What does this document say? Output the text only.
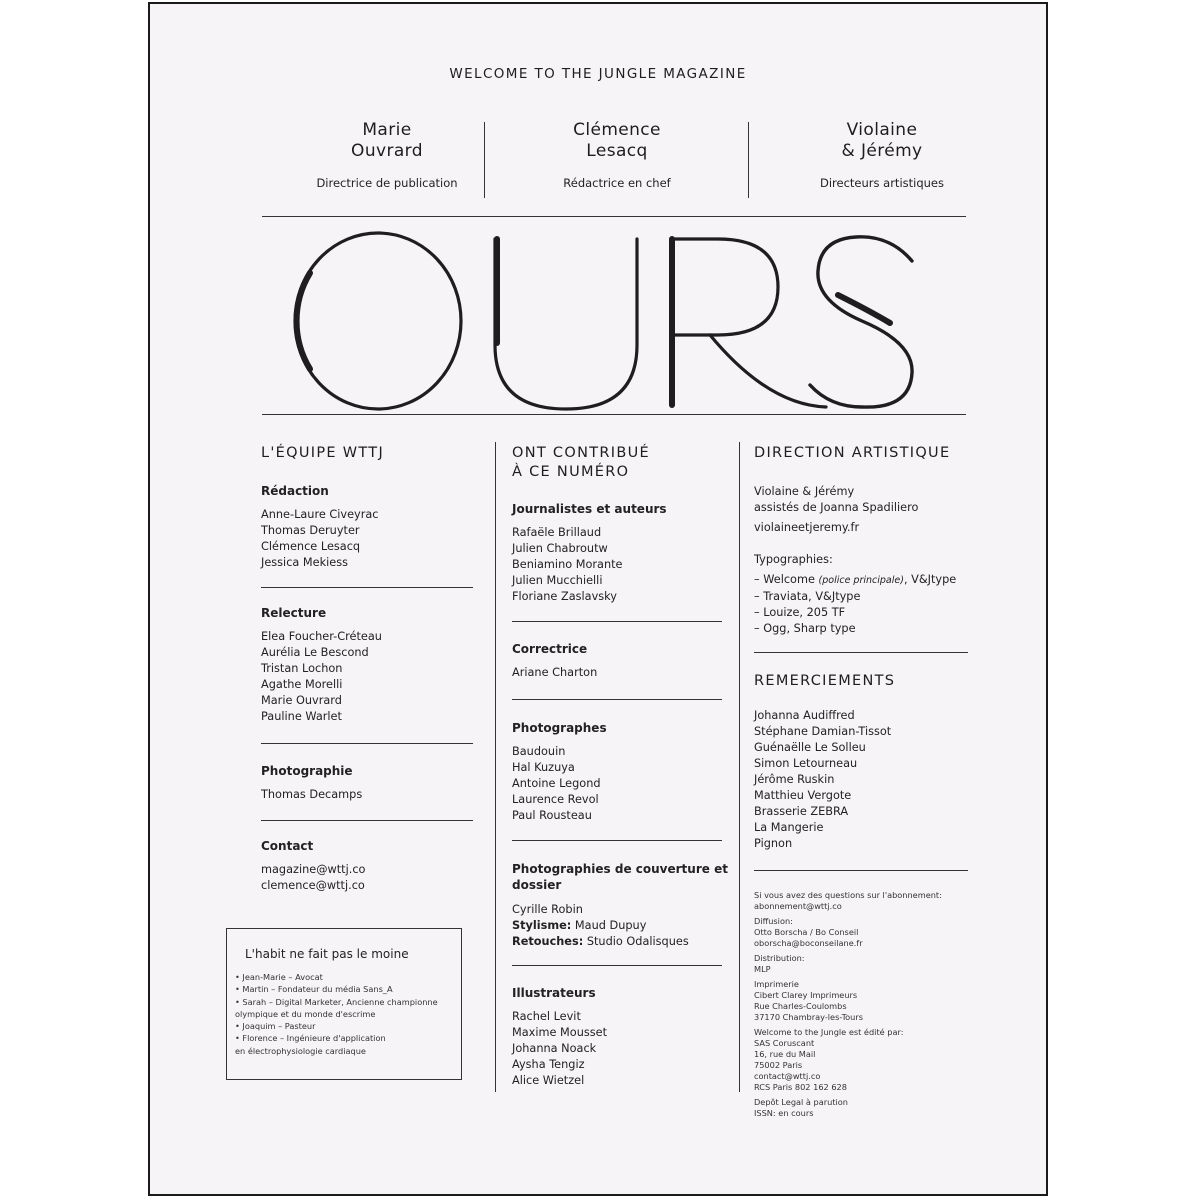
WELCOME TO THE JUNGLE MAGAZINE
Marie
Ouvrard
Directrice de publication
Clémence
Lesacq
Rédactrice en chef
Violaine
& Jérémy
Directeurs artistiques
L'ÉQUIPE WTTJ
Rédaction
Anne-Laure Civeyrac
Thomas Deruyter
Clémence Lesacq
Jessica Mekiess
Relecture
Elea Foucher-Créteau
Aurélia Le Bescond
Tristan Lochon
Agathe Morelli
Marie Ouvrard
Pauline Warlet
Photographie
Thomas Decamps
Contact
magazine@wttj.co
clemence@wttj.co
L'habit ne fait pas le moine
• Jean-Marie – Avocat
• Martin – Fondateur du média Sans_A
• Sarah – Digital Marketer, Ancienne championne
olympique et du monde d'escrime
• Joaquim – Pasteur
• Florence – Ingénieure d'application
en électrophysiologie cardiaque
ONT CONTRIBUÉ
À CE NUMÉRO
Journalistes et auteurs
Rafaële Brillaud
Julien Chabroutw
Beniamino Morante
Julien Mucchielli
Floriane Zaslavsky
Correctrice
Ariane Charton
Photographes
Baudouin
Hal Kuzuya
Antoine Legond
Laurence Revol
Paul Rousteau
Photographies de couverture et
dossier
Cyrille Robin
Stylisme: Maud Dupuy
Retouches: Studio Odalisques
Illustrateurs
Rachel Levit
Maxime Mousset
Johanna Noack
Aysha Tengiz
Alice Wietzel
DIRECTION ARTISTIQUE
Violaine & Jérémy
assistés de Joanna Spadiliero
violaineetjeremy.fr
Typographies:
– Welcome (police principale), V&Jtype
– Traviata, V&Jtype
– Louize, 205 TF
– Ogg, Sharp type
REMERCIEMENTS
Johanna Audiffred
Stéphane Damian-Tissot
Guénaëlle Le Solleu
Simon Letourneau
Jérôme Ruskin
Matthieu Vergote
Brasserie ZEBRA
La Mangerie
Pignon
Si vous avez des questions sur l'abonnement:
abonnement@wttj.co
Diffusion:
Otto Borscha / Bo Conseil
oborscha@boconseilane.fr
Distribution:
MLP
Imprimerie
Cibert Clarey Imprimeurs
Rue Charles-Coulombs
37170 Chambray-les-Tours
Welcome to the Jungle est édité par:
SAS Coruscant
16, rue du Mail
75002 Paris
contact@wttj.co
RCS Paris 802 162 628
Depôt Legal à parution
ISSN: en cours
